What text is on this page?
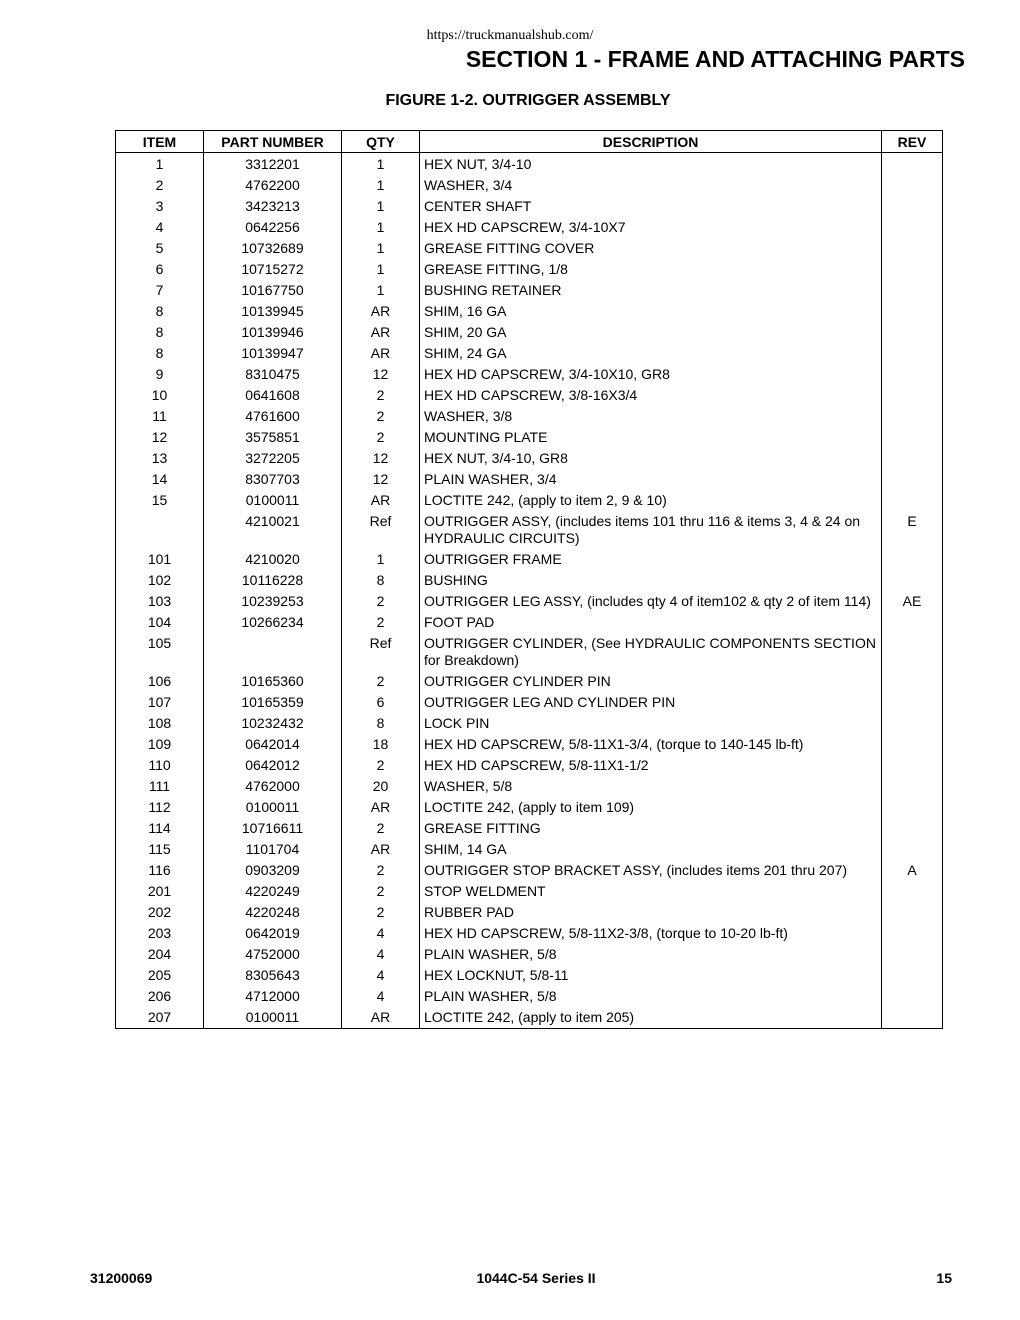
https://truckmanualshub.com/
SECTION 1 - FRAME AND ATTACHING PARTS
FIGURE 1-2. OUTRIGGER ASSEMBLY
ITEM	PART NUMBER	QTY	DESCRIPTION	REV
1	3312201	1	HEX NUT, 3/4-10	
2	4762200	1	WASHER, 3/4	
3	3423213	1	CENTER SHAFT	
4	0642256	1	HEX HD CAPSCREW, 3/4-10X7	
5	10732689	1	GREASE FITTING COVER	
6	10715272	1	GREASE FITTING, 1/8	
7	10167750	1	BUSHING RETAINER	
8	10139945	AR	SHIM, 16 GA	
8	10139946	AR	SHIM, 20 GA	
8	10139947	AR	SHIM, 24 GA	
9	8310475	12	HEX HD CAPSCREW, 3/4-10X10, GR8	
10	0641608	2	HEX HD CAPSCREW, 3/8-16X3/4	
11	4761600	2	WASHER, 3/8	
12	3575851	2	MOUNTING PLATE	
13	3272205	12	HEX NUT, 3/4-10, GR8	
14	8307703	12	PLAIN WASHER, 3/4	
15	0100011	AR	LOCTITE 242, (apply to item 2, 9 & 10)	
	4210021	Ref	OUTRIGGER ASSY, (includes items 101 thru 116 & items 3, 4 & 24 on HYDRAULIC CIRCUITS)	E
101	4210020	1	OUTRIGGER FRAME	
102	10116228	8	BUSHING	
103	10239253	2	OUTRIGGER LEG ASSY, (includes qty 4 of item102 & qty 2 of item 114)	AE
104	10266234	2	FOOT PAD	
105		Ref	OUTRIGGER CYLINDER, (See HYDRAULIC COMPONENTS SECTION for Breakdown)	
106	10165360	2	OUTRIGGER CYLINDER PIN	
107	10165359	6	OUTRIGGER LEG AND CYLINDER PIN	
108	10232432	8	LOCK PIN	
109	0642014	18	HEX HD CAPSCREW, 5/8-11X1-3/4, (torque to 140-145 lb-ft)	
110	0642012	2	HEX HD CAPSCREW, 5/8-11X1-1/2	
111	4762000	20	WASHER, 5/8	
112	0100011	AR	LOCTITE 242, (apply to item 109)	
114	10716611	2	GREASE FITTING	
115	1101704	AR	SHIM, 14 GA	
116	0903209	2	OUTRIGGER STOP BRACKET ASSY, (includes items 201 thru 207)	A
201	4220249	2	STOP WELDMENT	
202	4220248	2	RUBBER PAD	
203	0642019	4	HEX HD CAPSCREW, 5/8-11X2-3/8, (torque to 10-20 lb-ft)	
204	4752000	4	PLAIN WASHER, 5/8	
205	8305643	4	HEX LOCKNUT, 5/8-11	
206	4712000	4	PLAIN WASHER, 5/8	
207	0100011	AR	LOCTITE 242, (apply to item 205)	
31200069	1044C-54 Series II	15
